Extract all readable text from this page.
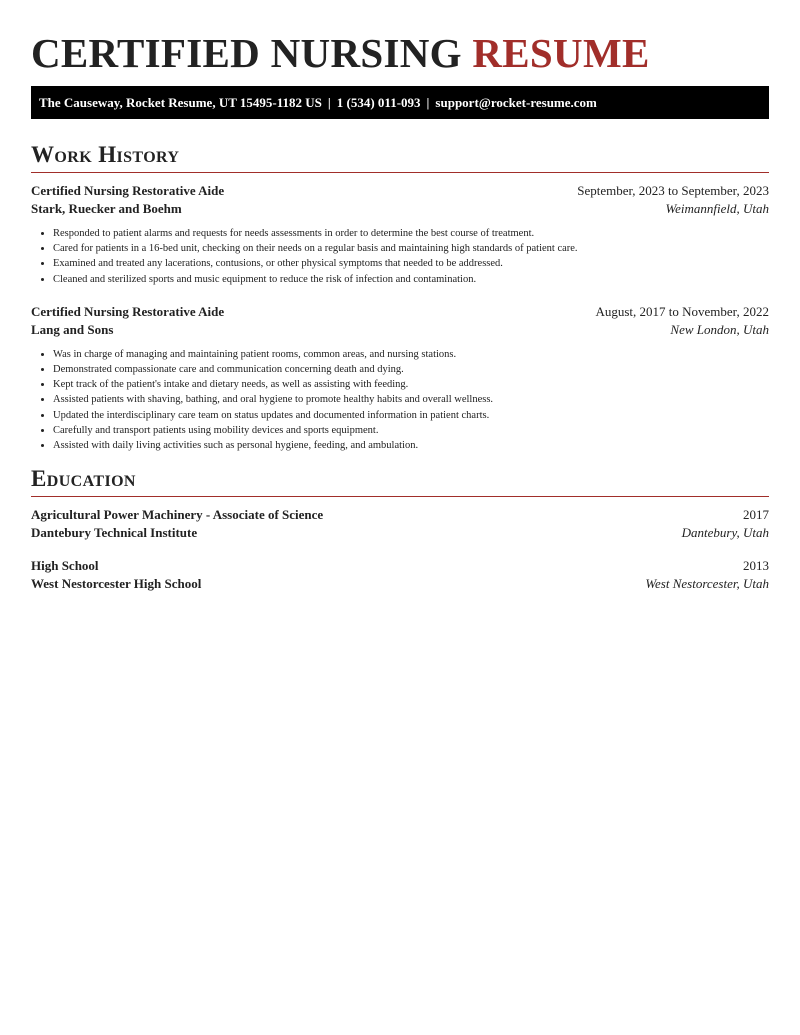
CERTIFIED NURSING RESUME
The Causeway, Rocket Resume, UT 15495-1182 US | 1 (534) 011-093 | support@rocket-resume.com
Work History
Certified Nursing Restorative Aide	September, 2023 to September, 2023
Stark, Ruecker and Boehm	Weimannfield, Utah
• Responded to patient alarms and requests for needs assessments in order to determine the best course of treatment.
• Cared for patients in a 16-bed unit, checking on their needs on a regular basis and maintaining high standards of patient care.
• Examined and treated any lacerations, contusions, or other physical symptoms that needed to be addressed.
• Cleaned and sterilized sports and music equipment to reduce the risk of infection and contamination.
Certified Nursing Restorative Aide	August, 2017 to November, 2022
Lang and Sons	New London, Utah
• Was in charge of managing and maintaining patient rooms, common areas, and nursing stations.
• Demonstrated compassionate care and communication concerning death and dying.
• Kept track of the patient's intake and dietary needs, as well as assisting with feeding.
• Assisted patients with shaving, bathing, and oral hygiene to promote healthy habits and overall wellness.
• Updated the interdisciplinary care team on status updates and documented information in patient charts.
• Carefully and transport patients using mobility devices and sports equipment.
• Assisted with daily living activities such as personal hygiene, feeding, and ambulation.
Education
Agricultural Power Machinery - Associate of Science	2017
Dantebury Technical Institute	Dantebury, Utah
High School	2013
West Nestorcester High School	West Nestorcester, Utah
